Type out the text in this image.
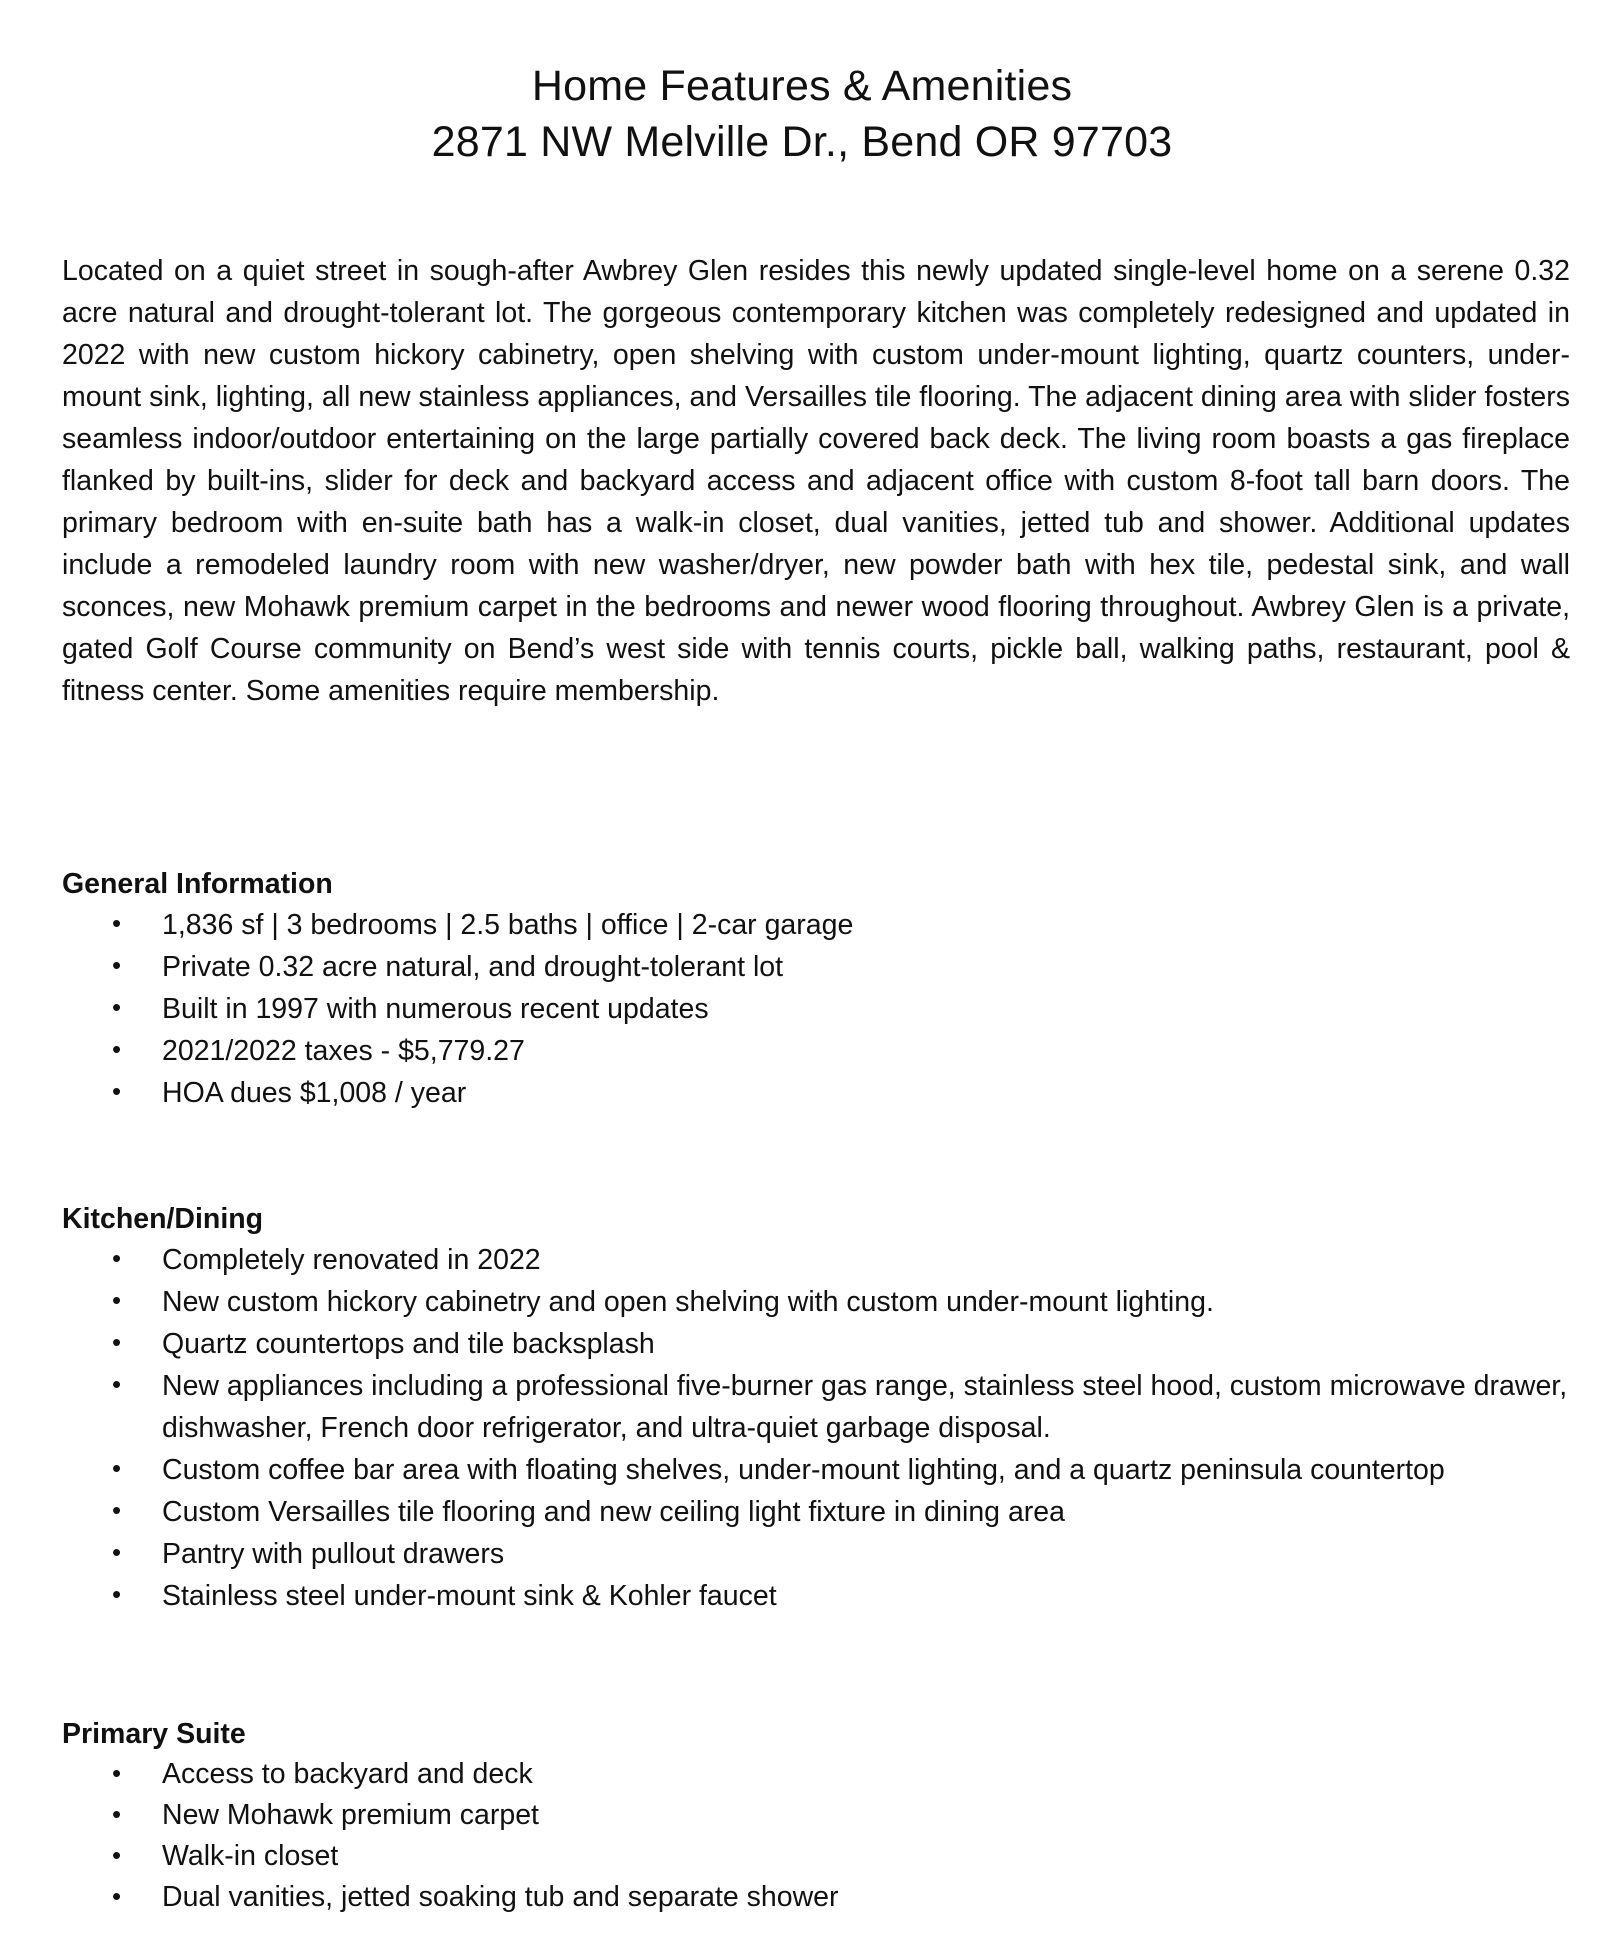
Home Features & Amenities
2871 NW Melville Dr., Bend OR 97703

Located on a quiet street in sough-after Awbrey Glen resides this newly updated single-level home on a serene 0.32 acre natural and drought-tolerant lot. The gorgeous contemporary kitchen was completely redesigned and updated in 2022 with new custom hickory cabinetry, open shelving with custom under-mount lighting, quartz counters, under-mount sink, lighting, all new stainless appliances, and Versailles tile flooring. The adjacent dining area with slider fosters seamless indoor/outdoor entertaining on the large partially covered back deck. The living room boasts a gas fireplace flanked by built-ins, slider for deck and backyard access and adjacent office with custom 8-foot tall barn doors. The primary bedroom with en-suite bath has a walk-in closet, dual vanities, jetted tub and shower. Additional updates include a remodeled laundry room with new washer/dryer, new powder bath with hex tile, pedestal sink, and wall sconces, new Mohawk premium carpet in the bedrooms and newer wood flooring throughout. Awbrey Glen is a private, gated Golf Course community on Bend’s west side with tennis courts, pickle ball, walking paths, restaurant, pool & fitness center. Some amenities require membership.

General Information
• 1,836 sf | 3 bedrooms | 2.5 baths | office | 2-car garage
• Private 0.32 acre natural, and drought-tolerant lot
• Built in 1997 with numerous recent updates
• 2021/2022 taxes - $5,779.27
• HOA dues $1,008 / year
Kitchen/Dining
• Completely renovated in 2022
• New custom hickory cabinetry and open shelving with custom under-mount lighting.
• Quartz countertops and tile backsplash
• New appliances including a professional five-burner gas range, stainless steel hood, custom microwave drawer, dishwasher, French door refrigerator, and ultra-quiet garbage disposal.
• Custom coffee bar area with floating shelves, under-mount lighting, and a quartz peninsula countertop
• Custom Versailles tile flooring and new ceiling light fixture in dining area
• Pantry with pullout drawers
• Stainless steel under-mount sink & Kohler faucet
Primary Suite
• Access to backyard and deck
• New Mohawk premium carpet
• Walk-in closet
• Dual vanities, jetted soaking tub and separate shower
